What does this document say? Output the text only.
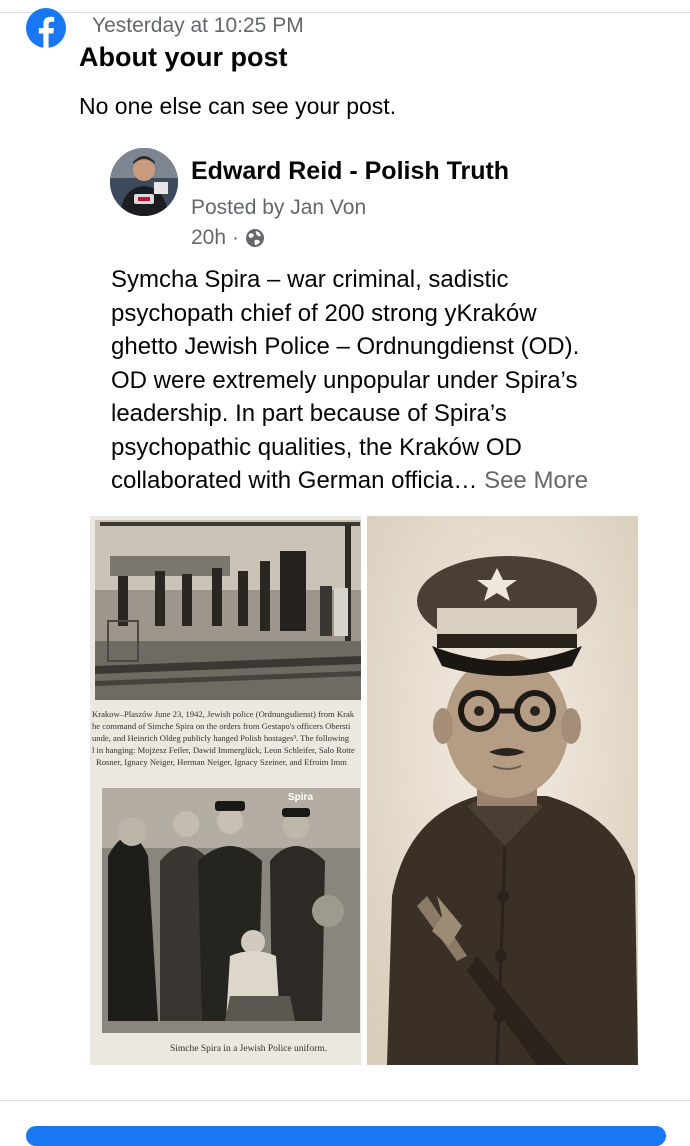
Yesterday at 10:25 PM
About your post
No one else can see your post.
Edward Reid - Polish Truth
Posted by Jan Von
20h ·
Symcha Spira – war criminal, sadistic
psychopath chief of 200 strong yKraków
ghetto Jewish Police – Ordnungdienst (OD).
OD were extremely unpopular under Spira’s
leadership. In part because of Spira’s
psychopathic qualities, the Kraków OD
collaborated with German officia… See More
Krakow–Plaszów June 23, 1942, Jewish police (Ordnungsdienst) from Krak
he command of Simche Spira on the orders from Gestapo's officers Obersti
unde, and Heinrich Oldeg publicly hanged Polish hostages³. The following
l in hanging: Mojżesz Feiler, Dawid Immerglück, Leon Schleifer, Salo Rotte
Rosner, Ignacy Neiger, Herman Neiger, Ignacy Szeiner, and Efroim Imm
Spira
Simche Spira in a Jewish Police uniform.
